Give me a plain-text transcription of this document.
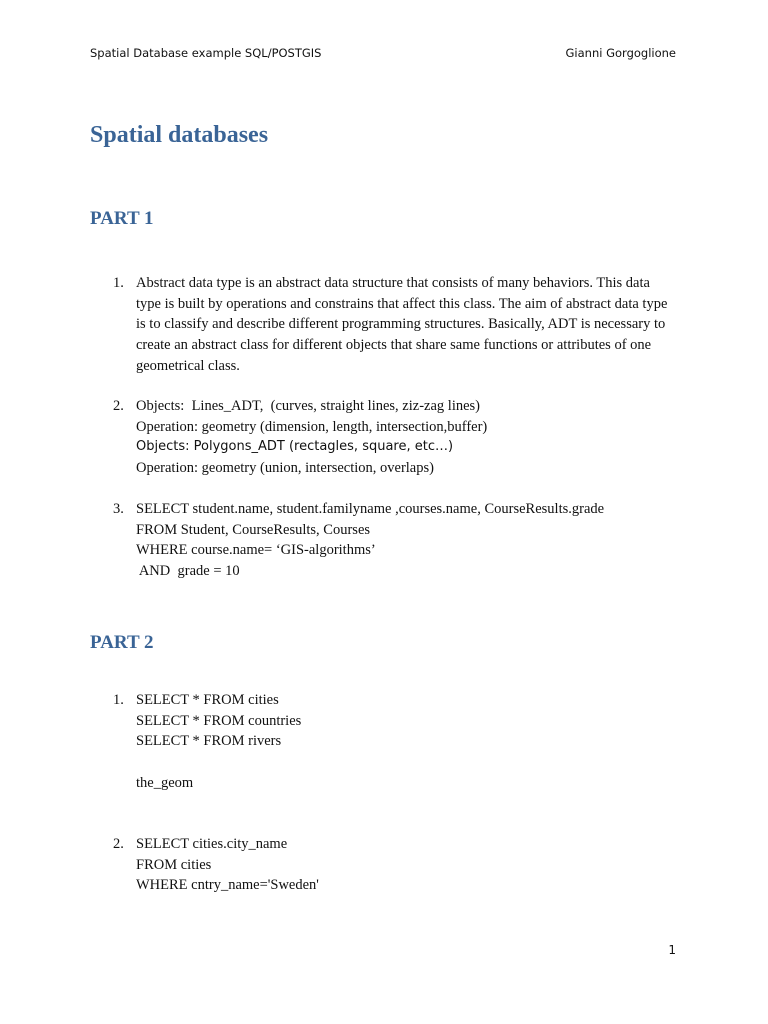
Spatial Database example SQL/POSTGIS	Gianni Gorgoglione
Spatial databases
PART 1
1. Abstract data type is an abstract data structure that consists of many behaviors. This data type is built by operations and constrains that affect this class. The aim of abstract data type is to classify and describe different programming structures. Basically, ADT is necessary to create an abstract class for different objects that share same functions or attributes of one geometrical class.
2. Objects:  Lines_ADT,  (curves, straight lines, ziz-zag lines)
Operation: geometry (dimension, length, intersection,buffer)
Objects: Polygons_ADT (rectagles, square, etc…)
Operation: geometry (union, intersection, overlaps)
3. SELECT student.name, student.familyname ,courses.name, CourseResults.grade
FROM Student, CourseResults, Courses
WHERE course.name= ‘GIS-algorithms’
AND  grade = 10
PART 2
1. SELECT * FROM cities
SELECT * FROM countries
SELECT * FROM rivers
the_geom
2. SELECT cities.city_name
FROM cities
WHERE cntry_name='Sweden'
1
